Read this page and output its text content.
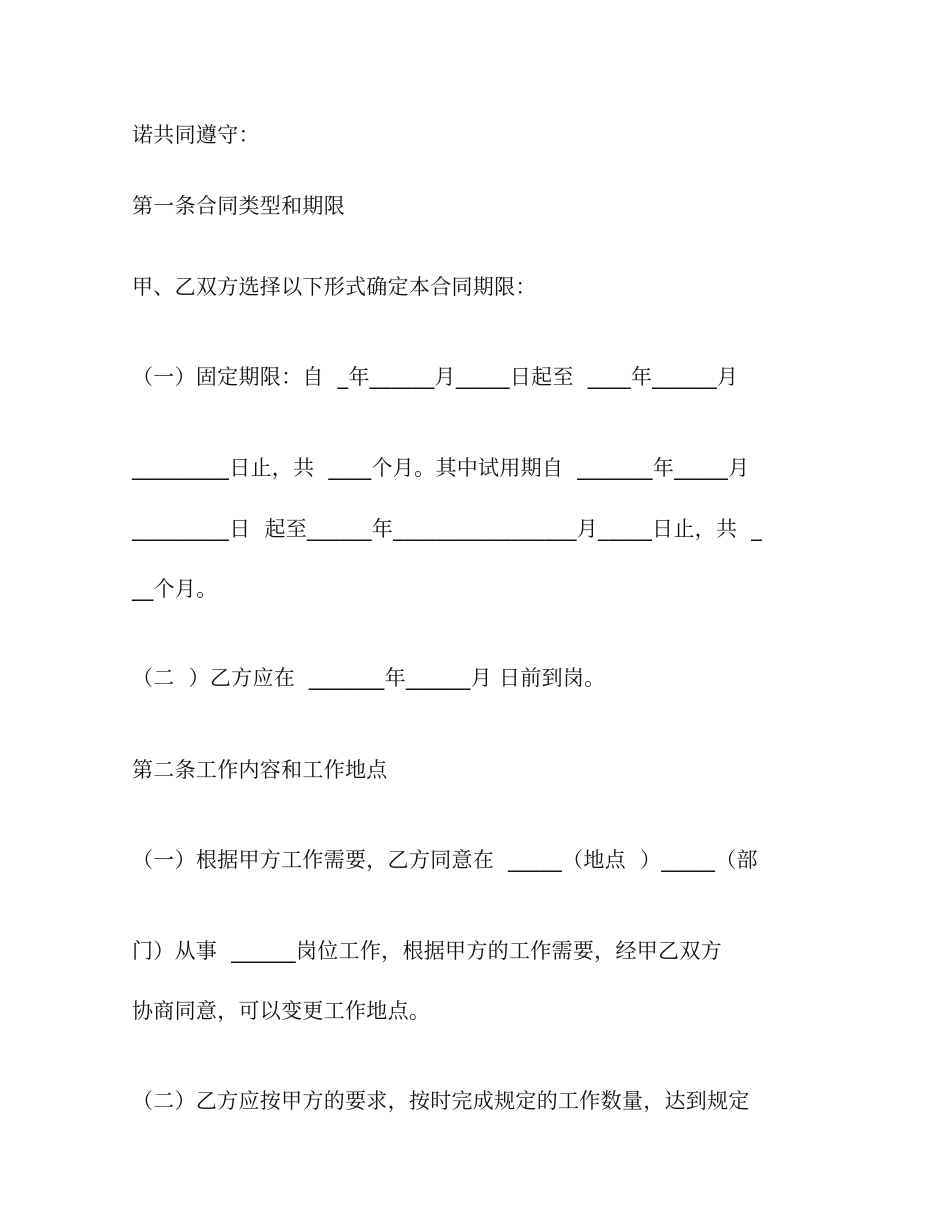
诺共同遵守：
第一条合同类型和期限
甲、乙双方选择以下形式确定本合同期限：
（一）固定期限：自  _年______月_____日起至  ____年______月
_________日止，共  ____个月。其中试用期自  _______年_____月
_________日  起至______年_________________月_____日止，共  _
__个月。
（二  ）乙方应在  _______年______月 日前到岗。
第二条工作内容和工作地点
（一）根据甲方工作需要，乙方同意在  _____（地点  ）_____（部
门）从事  ______岗位工作，根据甲方的工作需要，经甲乙双方
协商同意，可以变更工作地点。
（二）乙方应按甲方的要求，按时完成规定的工作数量，达到规定
